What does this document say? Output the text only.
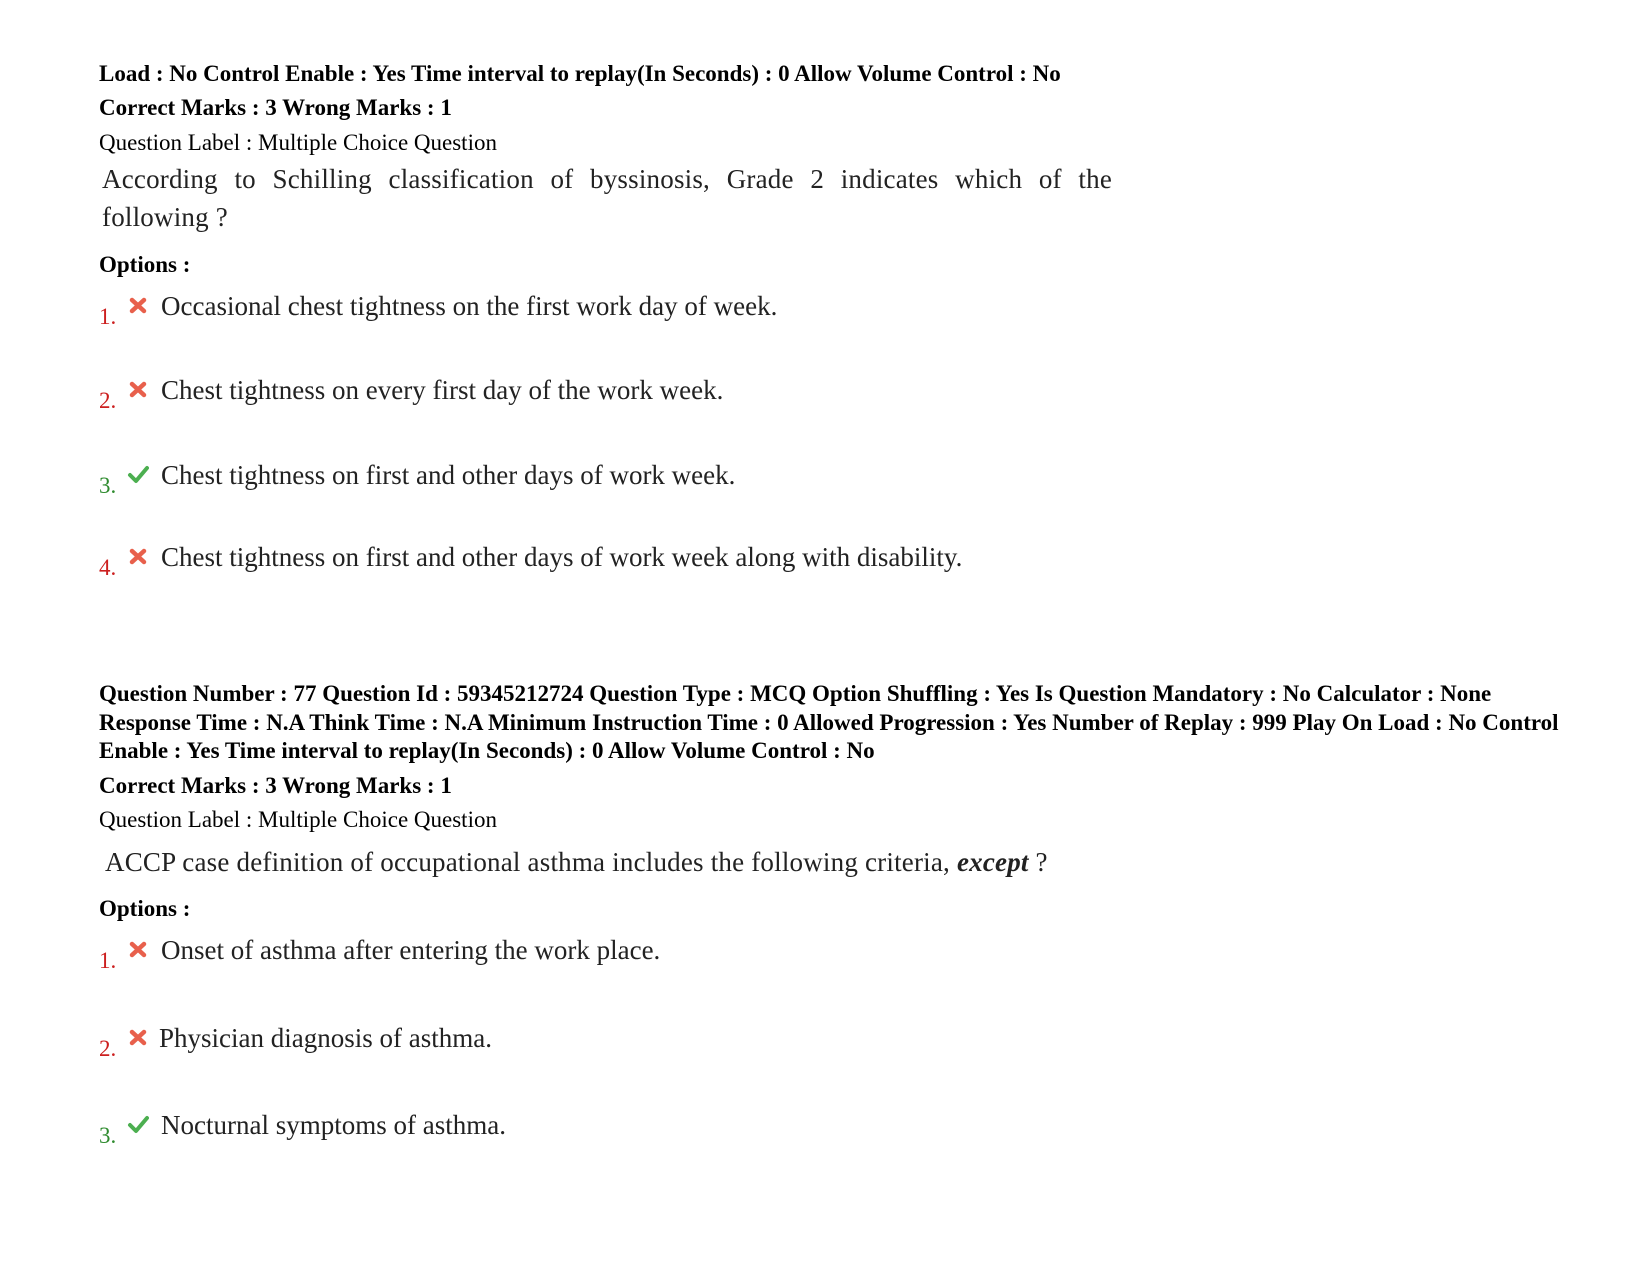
Load : No Control Enable : Yes Time interval to replay(In Seconds) : 0 Allow Volume Control : No
Correct Marks : 3 Wrong Marks : 1
Question Label : Multiple Choice Question
According to Schilling classification of byssinosis, Grade 2 indicates which of the following ?
Options :
1. Occasional chest tightness on the first work day of week.
2. Chest tightness on every first day of the work week.
3. Chest tightness on first and other days of work week.
4. Chest tightness on first and other days of work week along with disability.
Question Number : 77 Question Id : 59345212724 Question Type : MCQ Option Shuffling : Yes Is Question Mandatory : No Calculator : None Response Time : N.A Think Time : N.A Minimum Instruction Time : 0 Allowed Progression : Yes Number of Replay : 999 Play On Load : No Control Enable : Yes Time interval to replay(In Seconds) : 0 Allow Volume Control : No
Correct Marks : 3 Wrong Marks : 1
Question Label : Multiple Choice Question
ACCP case definition of occupational asthma includes the following criteria, except ?
Options :
1. Onset of asthma after entering the work place.
2. Physician diagnosis of asthma.
3. Nocturnal symptoms of asthma.
